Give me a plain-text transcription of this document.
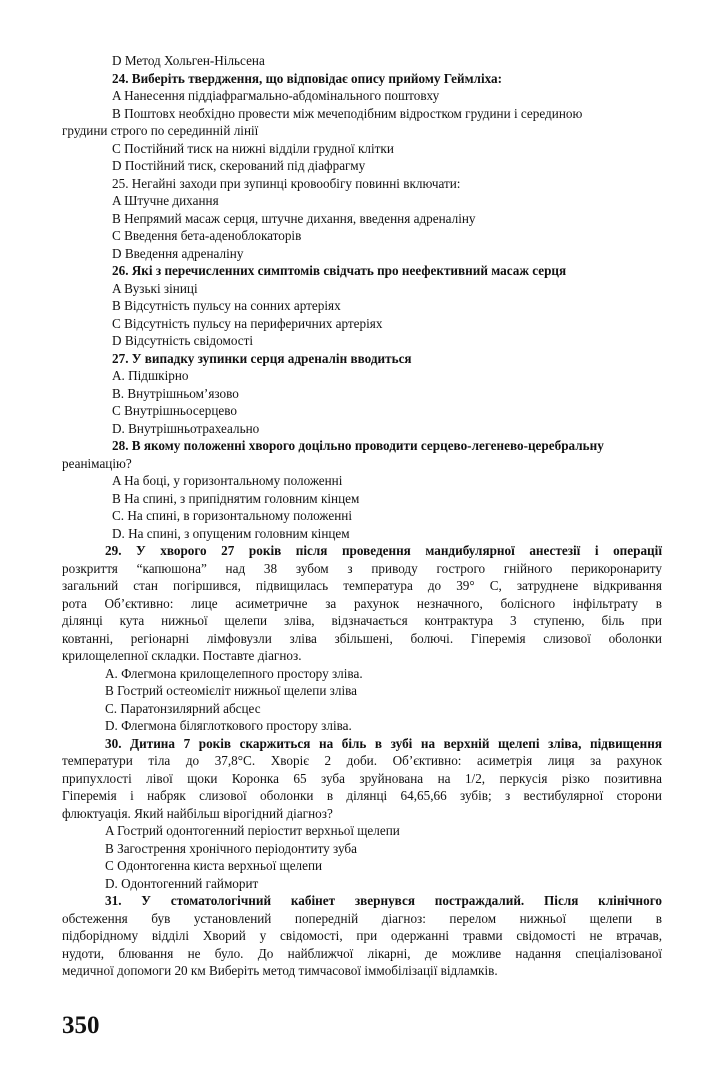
D Метод Хольген-Нільсена
24. Виберіть твердження, що відповідає опису прийому Геймліха:
A Нанесення піддіафрагмально-абдомінального поштовху
B Поштовх необхідно провести між мечеподібним відростком грудини і серединою
грудини строго по серединній лінії
C Постійний тиск на нижні відділи грудної клітки
D Постійний тиск, скерований під діафрагму
25. Негайні заходи при зупинці кровообігу повинні включати:
A Штучне дихання
B Непрямий масаж серця, штучне дихання, введення адреналіну
C Введення бета-аденоблокаторів
D Введення адреналіну
26. Які з перечисленних симптомів свідчать про неефективний масаж серця
A Вузькі зіниці
B Відсутність пульсу на сонних артеріях
C Відсутність пульсу на периферичних артеріях
D Відсутність свідомості
27. У випадку зупинки серця адреналін вводиться
A. Підшкірно
B. Внутрішньом’язово
C Внутрішньосерцево
D. Внутрішньотрахеально
28. В якому положенні хворого доцільно проводити серцево-легенево-церебральну
реанімацію?
A На боці, у горизонтальному положенні
B На спині, з припіднятим головним кінцем
C. На спині, в горизонтальному положенні
D. На спині, з опущеним головним кінцем
29. У хворого 27 років після проведення мандибулярної анестезії і операції
розкриття “капюшона” над 38 зубом з приводу гострого гнійного перикоронариту
загальний стан погіршився, підвищилась температура до 39° С, затруднене відкривання
рота Об’єктивно: лице асиметричне за рахунок незначного, болісного інфільтрату в
ділянці кута нижньої щелепи зліва, відзначається контрактура 3 ступеню, біль при
ковтанні, регіонарні лімфовузли зліва збільшені, болючі. Гіперемія слизової оболонки
крилощелепної складки. Поставте діагноз.
A. Флегмона крилощелепного простору зліва.
B Гострий остеомієліт нижньої щелепи зліва
C. Паратонзилярний абсцес
D. Флегмона біляглоткового простору зліва.
30. Дитина 7 років скаржиться на біль в зубі на верхній щелепі зліва, підвищення
температури тіла до 37,8°С. Хворіє 2 доби. Об’єктивно: асиметрія лиця за рахунок
припухлості лівої щоки Коронка 65 зуба зруйнована на 1/2, перкусія різко позитивна
Гіперемія і набряк слизової оболонки в ділянці 64,65,66 зубів; з вестибулярної сторони
флюктуація. Який найбільш вірогідний діагноз?
A Гострий одонтогенний періостит верхньої щелепи
B Загострення хронічного періодонтиту зуба
C Одонтогенна киста верхньої щелепи
D. Одонтогенний гайморит
31. У стоматологічний кабінет звернувся постраждалий. Після клінічного
обстеження був установлений попередній діагноз: перелом нижньої щелепи в
підборідному відділі Хворий у свідомості, при одержанні травми свідомості не втрачав,
нудоти, блювання не було. До найближчої лікарні, де можливе надання спеціалізованої
медичної допомоги 20 км Виберіть метод тимчасової іммобілізації відламків.
350
